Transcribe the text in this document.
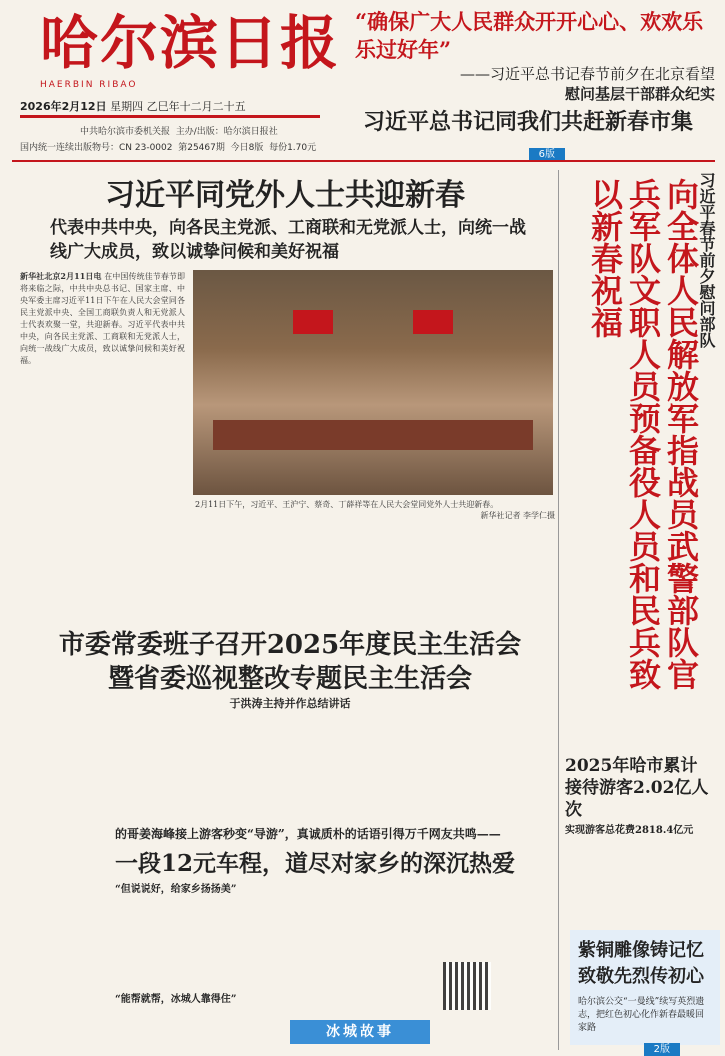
哈尔滨日报
HAERBIN RIBAO
2026年2月12日 星期四 乙巳年十二月二十五
中共哈尔滨市委机关报 主办/出版：哈尔滨日报社
国内统一连续出版物号：CN 23-0002 第25467期 今日8版 每份1.70元
“确保广大人民群众开开心心、欢欢乐乐过好年”
——习近平总书记春节前夕在北京看望
慰问基层干部群众纪实
习近平总书记同我们共赶新春市集
6版
习近平同党外人士共迎新春
代表中共中央，向各民主党派、工商联和无党派人士，向统一战线广大成员，致以诚挚问候和美好祝福
新华社北京2月11日电 在中国传统佳节春节即将来临之际，中共中央总书记、国家主席、中央军委主席习近平11日下午在人民大会堂同各民主党派中央、全国工商联负责人和无党派人士代表欢聚一堂，共迎新春。习近平代表中共中央，向各民主党派、工商联和无党派人士，向统一战线广大成员，致以诚挚问候和美好祝福。
2月11日下午，习近平、王沪宁、蔡奇、丁薛祥等在人民大会堂同党外人士共迎新春。
新华社记者 李学仁摄	向全体人民解放军指战员武警部队官兵军队文职人员预备役人员和民兵致以新春祝福	习近平春节前夕慰问部队
市委常委班子召开2025年度民主生活会
暨省委巡视整改专题民主生活会
于洪涛主持并作总结讲话
2025年哈市累计
接待游客2.02亿人次
实现游客总花费2818.4亿元
的哥姜海峰接上游客秒变“导游”，真诚质朴的话语引得万千网友共鸣——
一段12元车程，道尽对家乡的深沉热爱
“但说说好，给家乡扬扬美”
“能帮就帮，冰城人靠得住”
冰城故事
紫铜雕像铸记忆
致敬先烈传初心
哈尔滨公交“一曼线”续写英烈遗志，把红色初心化作新春最暖回家路
2版
